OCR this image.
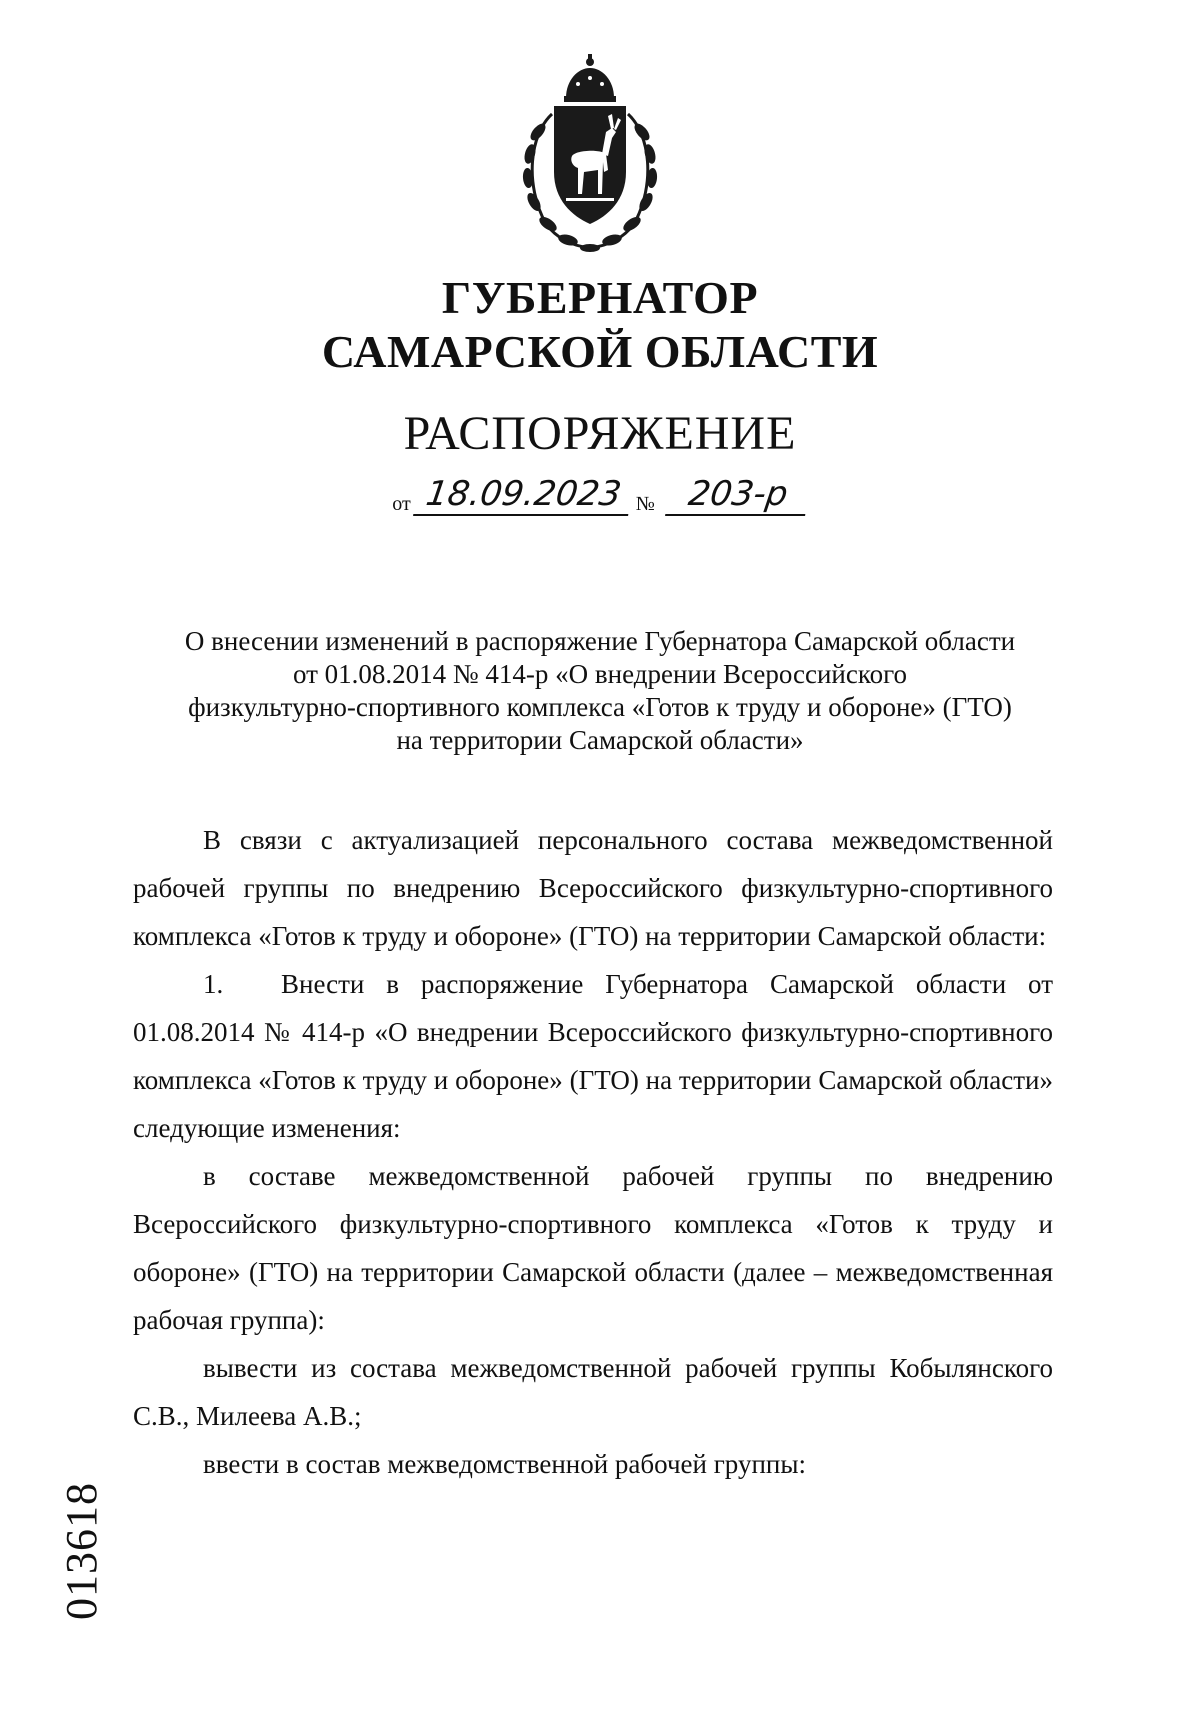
ГУБЕРНАТОР
САМАРСКОЙ ОБЛАСТИ
РАСПОРЯЖЕНИЕ
от 18.09.2023 № 203-р
О внесении изменений в распоряжение Губернатора Самарской области
от 01.08.2014 № 414-р «О внедрении Всероссийского
физкультурно-спортивного комплекса «Готов к труду и обороне» (ГТО)
на территории Самарской области»

В связи с актуализацией персонального состава межведомственной рабочей группы по внедрению Всероссийского физкультурно-спортивного комплекса «Готов к труду и обороне» (ГТО) на территории Самарской области:

1. Внести в распоряжение Губернатора Самарской области от 01.08.2014 № 414-р «О внедрении Всероссийского физкультурно-спортивного комплекса «Готов к труду и обороне» (ГТО) на территории Самарской области» следующие изменения:

в составе межведомственной рабочей группы по внедрению Всероссийского физкультурно-спортивного комплекса «Готов к труду и обороне» (ГТО) на территории Самарской области (далее – межведомственная рабочая группа):

вывести из состава межведомственной рабочей группы Кобылянского С.В., Милеева А.В.;

ввести в состав межведомственной рабочей группы:

013618
